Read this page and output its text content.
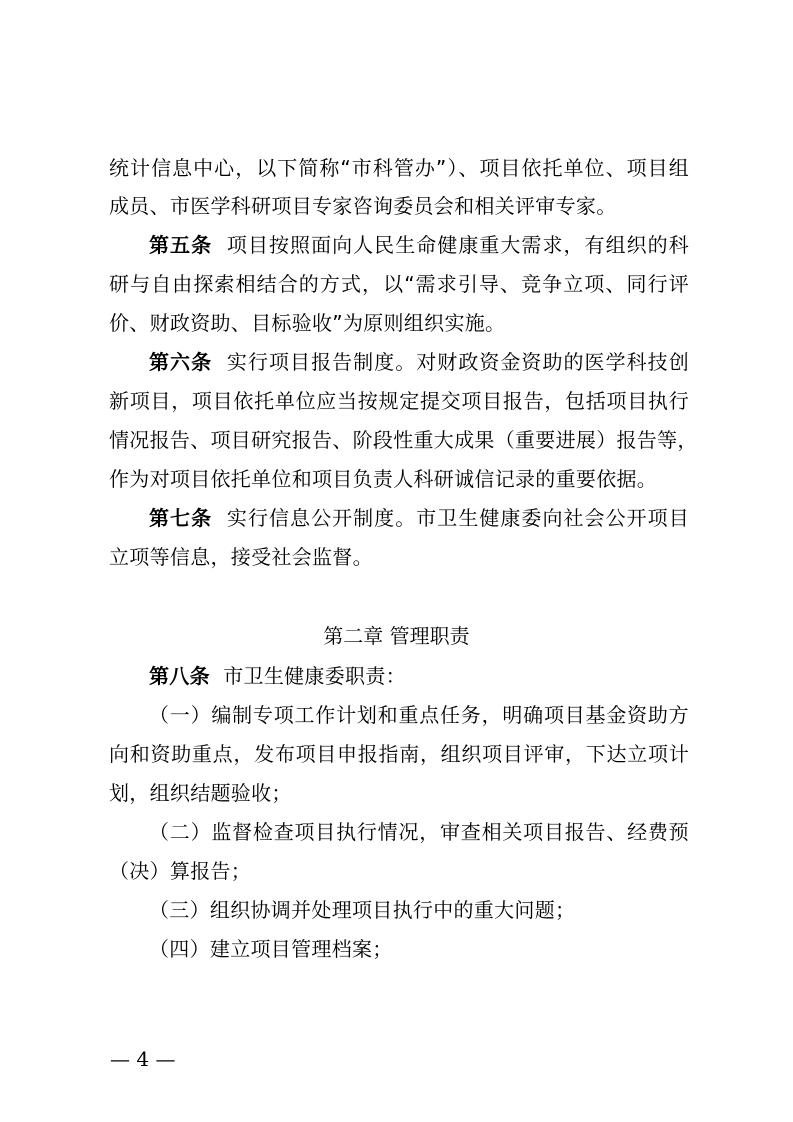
统计信息中心，以下简称“市科管办”）、项目依托单位、项目组
成员、市医学科研项目专家咨询委员会和相关评审专家。
第五条 项目按照面向人民生命健康重大需求，有组织的科
研与自由探索相结合的方式，以“需求引导、竞争立项、同行评
价、财政资助、目标验收”为原则组织实施。
第六条 实行项目报告制度。对财政资金资助的医学科技创
新项目，项目依托单位应当按规定提交项目报告，包括项目执行
情况报告、项目研究报告、阶段性重大成果（重要进展）报告等，
作为对项目依托单位和项目负责人科研诚信记录的重要依据。
第七条 实行信息公开制度。市卫生健康委向社会公开项目
立项等信息，接受社会监督。
第二章 管理职责
第八条 市卫生健康委职责：
（一）编制专项工作计划和重点任务，明确项目基金资助方
向和资助重点，发布项目申报指南，组织项目评审，下达立项计
划，组织结题验收；
（二）监督检查项目执行情况，审查相关项目报告、经费预
（决）算报告；
（三）组织协调并处理项目执行中的重大问题；
（四）建立项目管理档案；
— 4 —
